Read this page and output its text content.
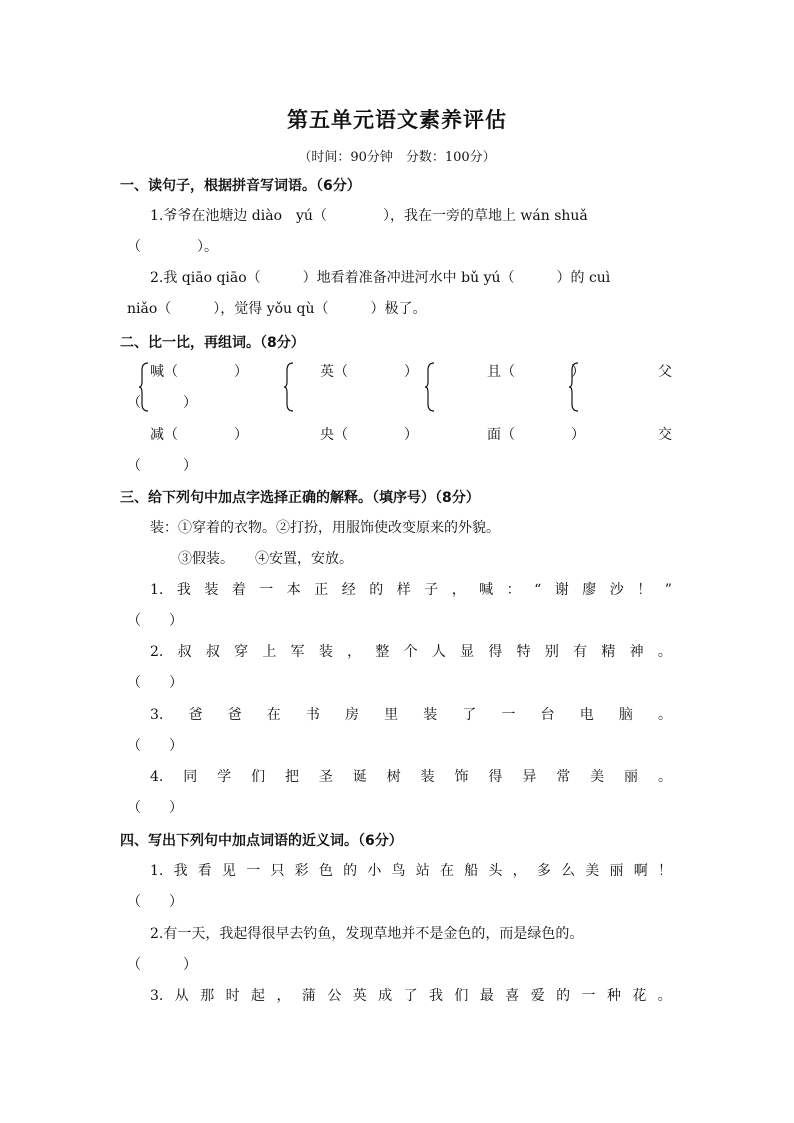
第五单元语文素养评估
（时间：90分钟　分数：100分）
一、读句子，根据拼音写词语。（6分）
1.爷爷在池塘边 diào　yú（　　　　），我在一旁的草地上 wán shuǎ
（　　　　）。
2.我 qiāo qiāo（　　　）地看着准备冲进河水中 bǔ yú（　　　）的 cuì
niǎo（　　　），觉得 yǒu qù（　　　）极了。
二、比一比，再组词。（8分）
喊（　　　　）	英（　　　　）	且（　　　　）	父
（　　　）
减（　　　　）	央（　　　　）	面（　　　　）	交
（　　　）
三、给下列句中加点字选择正确的解释。（填序号）（8分）
装：①穿着的衣物。②打扮，用服饰使改变原来的外貌。
③假装。　　④安置，安放。
1. 我 装 着 一 本 正 经 的 样 子 ， 喊 ： “ 谢 廖 沙 ！ ”
（　　）
2. 叔 叔 穿 上 军 装 ， 整 个 人 显 得 特 别 有 精 神 。
（　　）
3. 爸 爸 在 书 房 里 装 了 一 台 电 脑 。
（　　）
4. 同 学 们 把 圣 诞 树 装 饰 得 异 常 美 丽 。
（　　）
四、写出下列句中加点词语的近义词。（6分）
1. 我 看 见 一 只 彩 色 的 小 鸟 站 在 船 头 ， 多 么 美 丽 啊 ！
（　　）
2.有一天，我起得很早去钓鱼，发现草地并不是金色的，而是绿色的。
（　　　）
3. 从 那 时 起 ， 蒲 公 英 成 了 我 们 最 喜 爱 的 一 种 花 。
